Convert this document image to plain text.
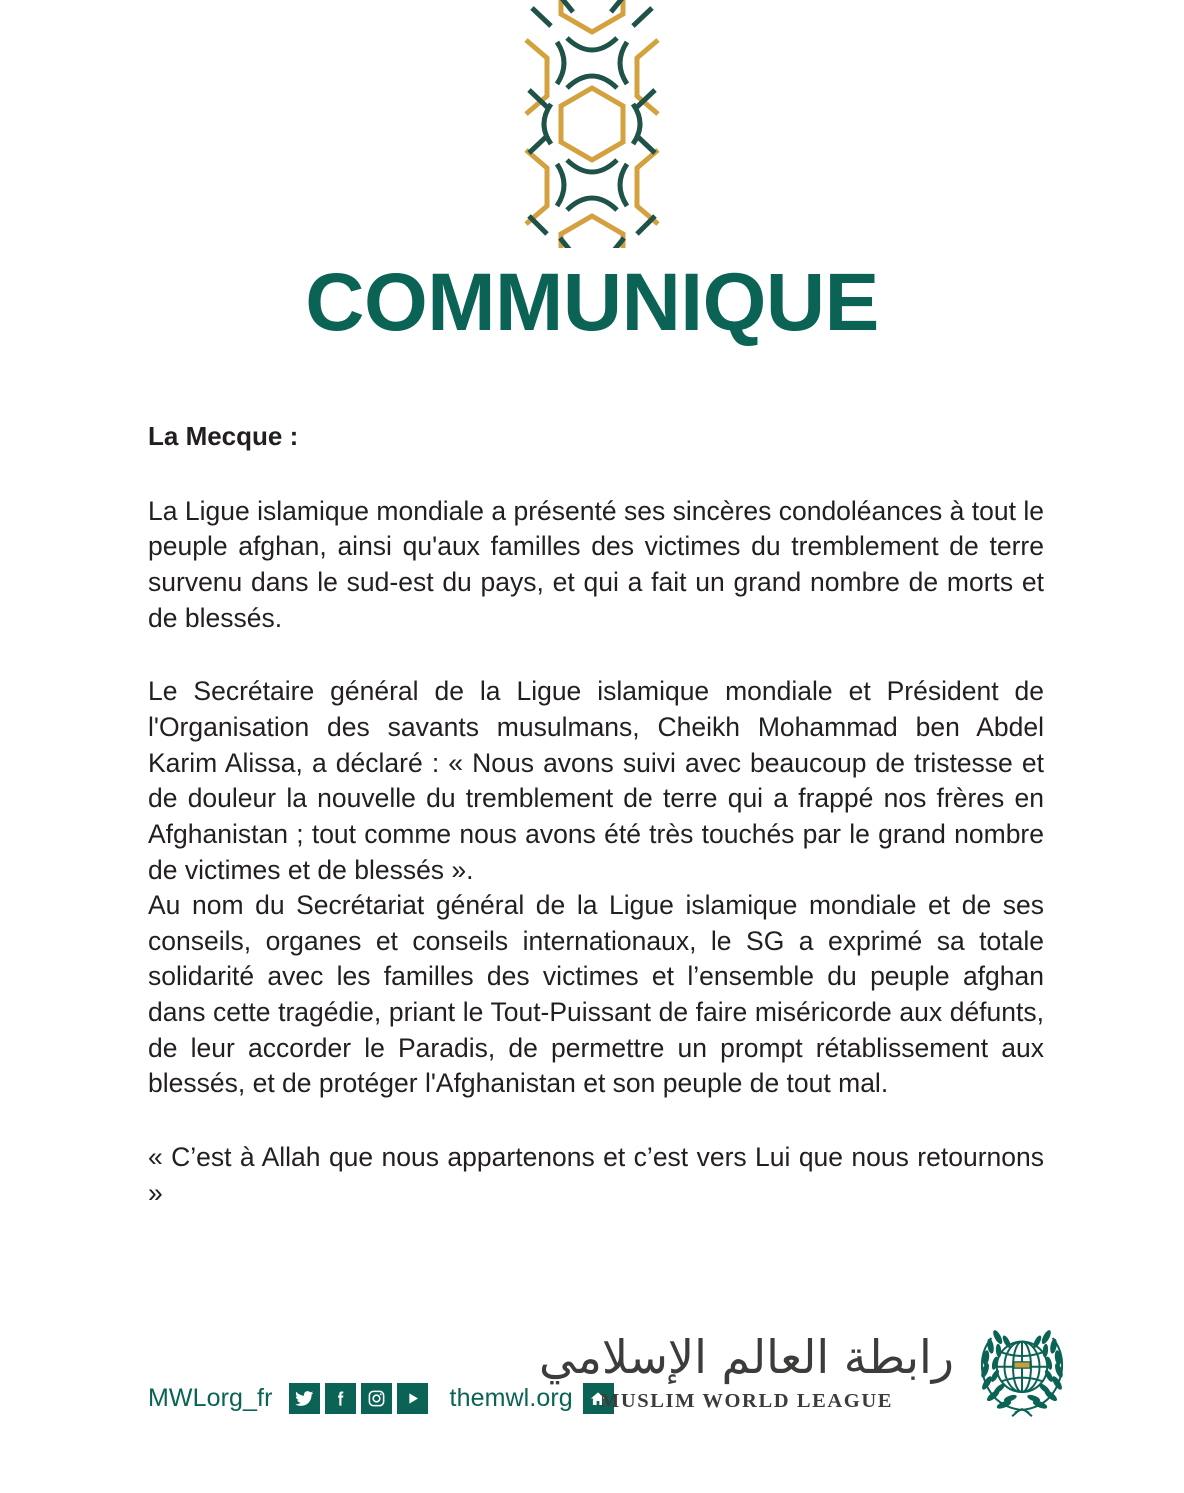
COMMUNIQUE
La Mecque :

La Ligue islamique mondiale a présenté ses sincères condoléances à tout le peuple afghan, ainsi qu'aux familles des victimes du tremblement de terre survenu dans le sud-est du pays, et qui a fait un grand nombre de morts et de blessés.

Le Secrétaire général de la Ligue islamique mondiale et Président de l'Organisation des savants musulmans, Cheikh Mohammad ben Abdel Karim Alissa, a déclaré : « Nous avons suivi avec beaucoup de tristesse et de douleur la nouvelle du tremblement de terre qui a frappé nos frères en Afghanistan ; tout comme nous avons été très touchés par le grand nombre de victimes et de blessés ».

Au nom du Secrétariat général de la Ligue islamique mondiale et de ses conseils, organes et conseils internationaux, le SG a exprimé sa totale solidarité avec les familles des victimes et l’ensemble du peuple afghan dans cette tragédie, priant le Tout-Puissant de faire miséricorde aux défunts, de leur accorder le Paradis, de permettre un prompt rétablissement aux blessés, et de protéger l'Afghanistan et son peuple de tout mal.

« C’est à Allah que nous appartenons et c’est vers Lui que nous retournons »

MWLorg_fr	themwl.org
رابطة العالم الإسلامي
MUSLIM WORLD LEAGUE
